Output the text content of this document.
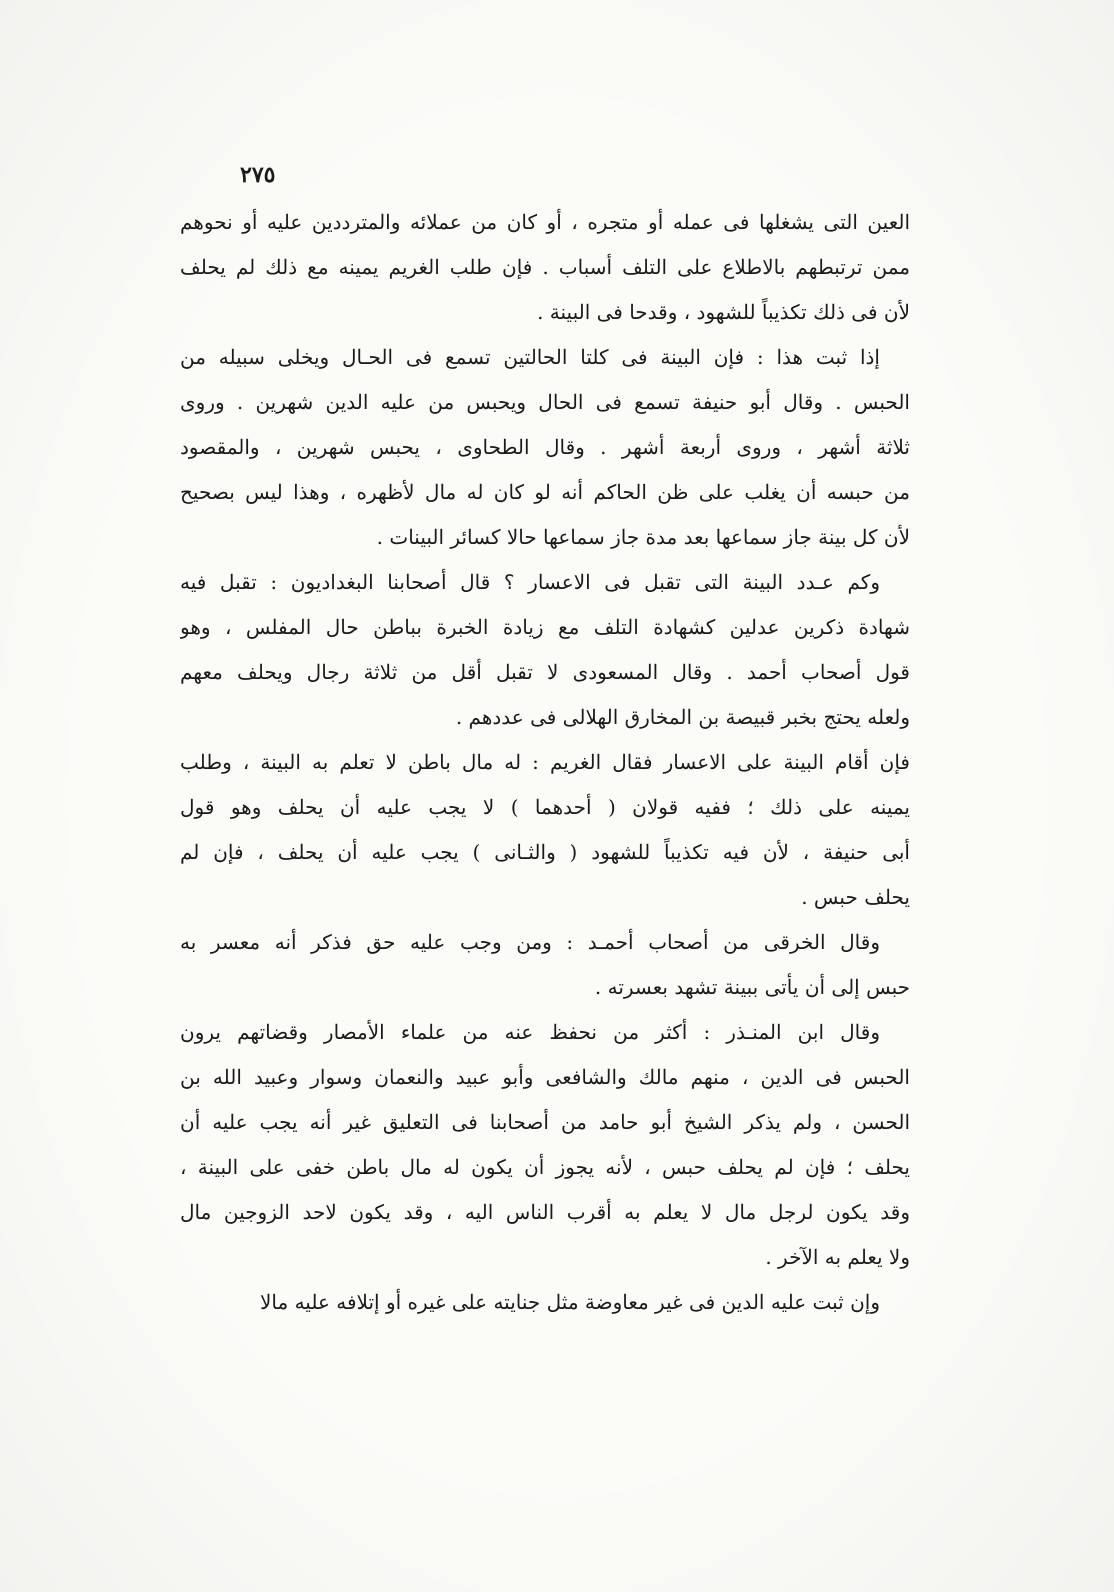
٢٧٥
العين التى يشغلها فى عمله أو متجره ، أو كان من عملائه والمترددين عليه أو نحوهم
ممن ترتبطهم بالاطلاع على التلف أسباب . فإن طلب الغريم يمينه مع ذلك لم يحلف
لأن فى ذلك تكذيباً للشهود ، وقدحا فى البينة .
إذا ثبت هذا : فإن البينة فى كلتا الحالتين تسمع فى الحـال ويخلى سبيله من
الحبس . وقال أبو حنيفة تسمع فى الحال ويحبس من عليه الدين شهرين . وروى
ثلاثة أشهر ، وروى أربعة أشهر . وقال الطحاوى ، يحبس شهرين ، والمقصود
من حبسه أن يغلب على ظن الحاكم أنه لو كان له مال لأظهره ، وهذا ليس بصحيح
لأن كل بينة جاز سماعها بعد مدة جاز سماعها حالا كسائر البينات .
وكم عـدد البينة التى تقبل فى الاعسار ؟ قال أصحابنا البغداديون : تقبل فيه
شهادة ذكرين عدلين كشهادة التلف مع زيادة الخبرة بباطن حال المفلس ، وهو
قول أصحاب أحمد . وقال المسعودى لا تقبل أقل من ثلاثة رجال ويحلف معهم
ولعله يحتج بخبر قبيصة بن المخارق الهلالى فى عددهم .
فإن أقام البينة على الاعسار فقال الغريم : له مال باطن لا تعلم به البينة ، وطلب
يمينه على ذلك ؛ ففيه قولان ( أحدهما ) لا يجب عليه أن يحلف وهو قول
أبى حنيفة ، لأن فيه تكذيباً للشهود ( والثـانى ) يجب عليه أن يحلف ، فإن لم
يحلف حبس .
وقال الخرقى من أصحاب أحمـد : ومن وجب عليه حق فذكر أنه معسر به
حبس إلى أن يأتى ببينة تشهد بعسرته .
وقال ابن المنـذر : أكثر من نحفظ عنه من علماء الأمصار وقضاتهم يرون
الحبس فى الدين ، منهم مالك والشافعى وأبو عبيد والنعمان وسوار وعبيد الله بن
الحسن ، ولم يذكر الشيخ أبو حامد من أصحابنا فى التعليق غير أنه يجب عليه أن
يحلف ؛ فإن لم يحلف حبس ، لأنه يجوز أن يكون له مال باطن خفى على البينة ،
وقد يكون لرجل مال لا يعلم به أقرب الناس اليه ، وقد يكون لاحد الزوجين مال
ولا يعلم به الآخر .
وإن ثبت عليه الدين فى غير معاوضة مثل جنايته على غيره أو إتلافه عليه مالا
